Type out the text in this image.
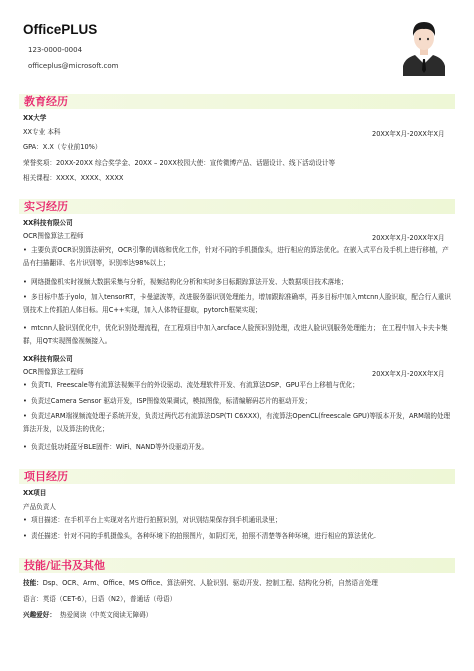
OfficePLUS
123-0000-0004
officeplus@microsoft.com
教育经历
XX大学
XX专业 本科	20XX年X月-20XX年X月
GPA：X.X（专业前10%）
荣誉奖项：20XX-20XX 综合奖学金、20XX – 20XX校园大使：宣传微博产品、话题设计、线下活动设计等
相关课程：XXXX、XXXX、XXXX
实习经历
XX科技有限公司
OCR图像算法工程师	20XX年X月-20XX年X月
• 主要负责OCR识别算法研究，OCR引擎的训练和优化工作，针对不同的手机摄像头，进行相应的算法优化。在嵌入式平台及手机上进行移植，产品有扫描翻译、名片识别等，识别率达98%以上；
• 网络摄像机实时视频大数据采集与分析，视频结构化分析和实时多目标跟踪算法开发、大数据项目技术落地；
• 多目标中基于yolo，加入tensorRT，卡曼滤波等，改进服务器识别处理能力，增加跟踪准确率，再多目标中加入mtcnn人脸识取，配合行人重识别技术上传抓拍人体目标。用C++实现，加入人体特征提取，pytorch框架实现；
• mtcnn人脸识别优化中，优化识别处理流程，在工程项目中加入arcface人脸预识别处理，改进人脸识别服务处理能力； 在工程中加入卡夫卡集群，用QT实现图像视频接入。
XX科技有限公司
OCR图像算法工程师	20XX年X月-20XX年X月
• 负责TI、Freescale等有流算法视频平台的外设驱动、流处理软件开发、有流算法DSP、GPU平台上移植与优化；
• 负责过Camera Sensor 驱动开发，ISP图像效果调试，模拟图像，标清编解码芯片的驱动开发；
• 负责过ARM端视频流处理子系统开发，负责过两代芯有流算法DSP(TI C6XXX)，有流算法OpenCL(freescale GPU)等版本开发，ARM端的处理算法开发，以及算法的优化；
• 负责过低功耗蓝牙BLE固件：WiFi、NAND等外设驱动开发。
项目经历
XX项目
产品负责人
• 项目描述：在手机平台上实现对名片进行拍照识别，对识别结果保存到手机通讯录里；
• 责任描述：针对不同的手机摄像头，各种环境下的拍照图片，如阴灯光，拍照不清楚等各种环境，进行相应的算法优化.
技能/证书及其他
技能：Dsp、OCR、Arm、Office、MS Office、算法研究、人脸识别、驱动开发、控制工程、结构化分析，自然语言处理
语言：英语（CET-6），日语（N2），普通话（母语）
兴趣爱好： 热爱阅读（中英文阅读无障碍）
